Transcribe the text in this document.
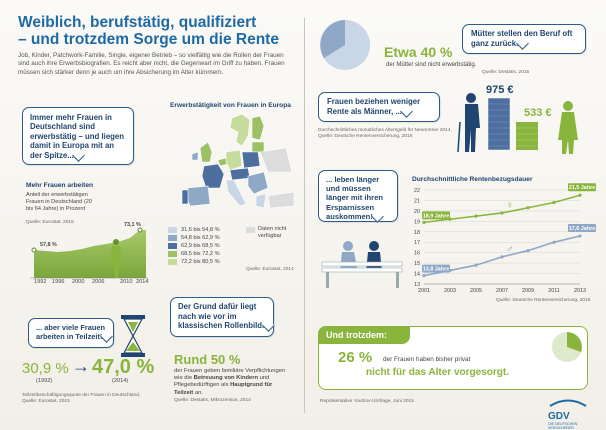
Weiblich, berufstätig, qualifiziert
– und trotzdem Sorge um die Rente
Job, Kinder, Patchwork-Familie, Single, eigener Betrieb – so vielfältig wie die Rollen der Frauen sind auch ihre Erwerbsbiografien. Es reicht aber nicht, die Gegenwart im Griff zu haben. Frauen müssen sich stärker denn je auch um ihre Absicherung im Alter kümmern.
Immer mehr Frauen in Deutschland sind erwerbstätig – und liegen damit in Europa mit an der Spitze...
Mehr Frauen arbeiten
Anteil der erwerbstätigen Frauen in Deutschland (20 bis 64 Jahre) in Prozent
Quelle: Eurostat, 2015
57,8 %
73,1 %
1992 1996 2000 2006	2010 2014
Erwerbstätigkeit von Frauen in Europa
31,6 bis 54,8 %
54,8 bis 62,9 %
62,9 bis 68,5 %
68,5 bis 72,2 %
72,2 bis 80,5 %
Daten nicht verfügbar
Quelle: Eurostat, 2014
... aber viele Frauen arbeiten in Teilzeit!
30,9 %
(1992)
→ 47,0 %
(2014)
Teilzeitbeschäftigungsquote der Frauen in Deutschland, Quelle: Eurostat, 2015
Der Grund dafür liegt nach wie vor im klassischen Rollenbild.
Rund 50 %
der Frauen geben familiäre Verpflichtungen wie die Betreuung von Kindern und Pflegebedürftigen als Hauptgrund für Teilzeit an.
Quelle: Destatis, Mikrozensus, 2014
Etwa 40 %
der Mütter sind nicht erwerbstätig.
Quelle: Destatis, 2015
Mütter stellen den Beruf oft ganz zurück.
Frauen beziehen weniger Rente als Männer, ...
Durchschnittliches monatliches Altersgeld für Neurentner 2014, Quelle: Deutsche Rentenversicherung, 2015
975 €
533 €
... leben länger und müssen länger mit ihren Ersparnissen auskommen!
Durchschnittliche Rentenbezugsdauer
13
14
15
16
17
18
19
20
21
22
2001	2003	2005	2007	2009	2011	2013
18,9 Jahre
21,5 Jahre
♀
13,8 Jahre
17,6 Jahre
♂
Quelle: Deutsche Rentenversicherung, 2015
Und trotzdem:
26 % der Frauen haben bisher privat
nicht für das Alter vorgesorgt.
Repräsentative YouGov-Umfrage, Juni 2015
GDV
DIE DEUTSCHEN VERSICHERER
